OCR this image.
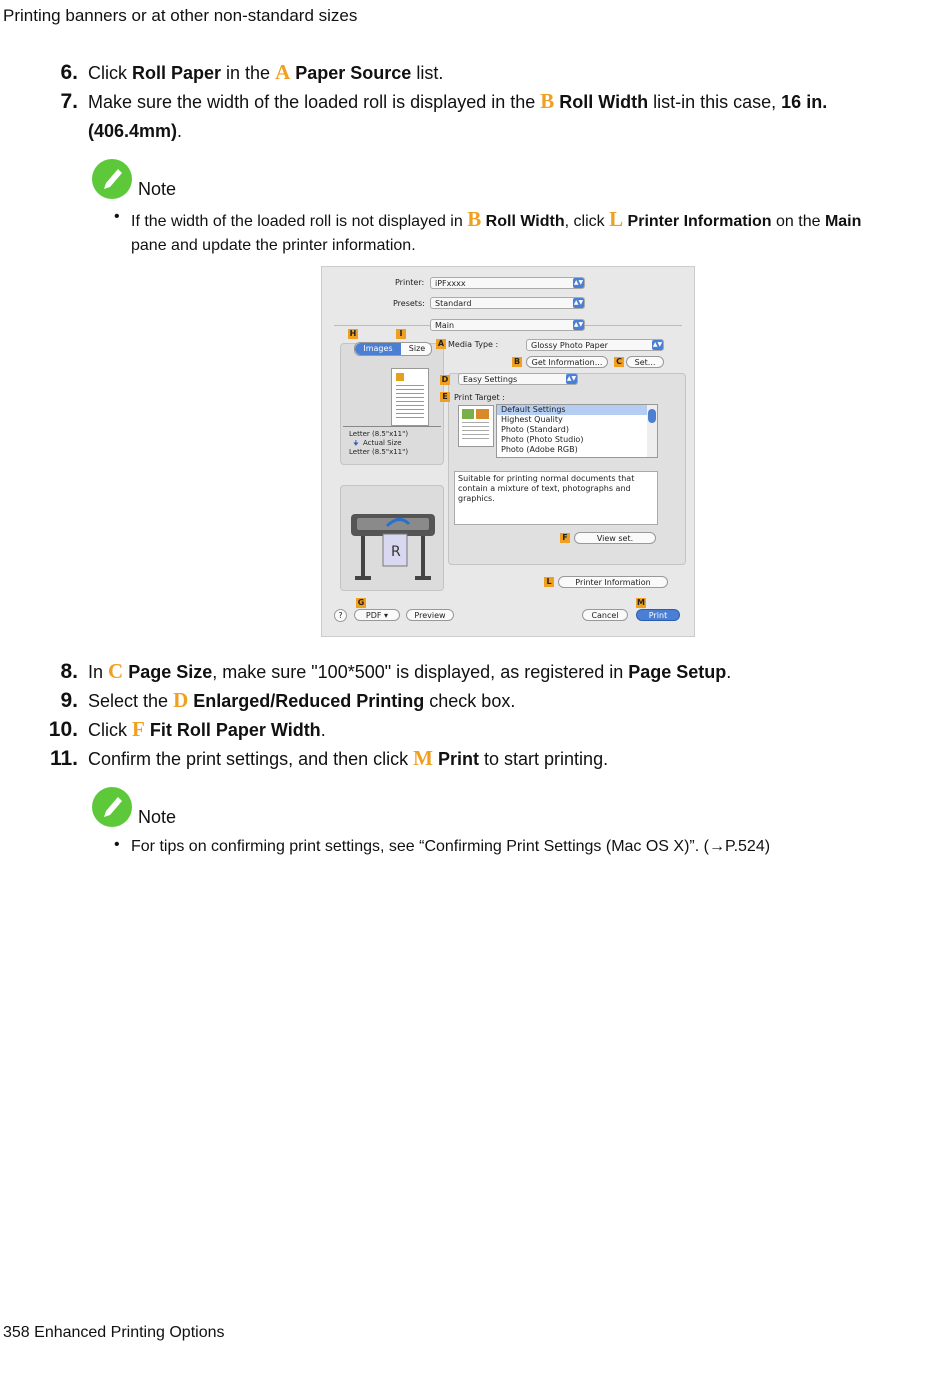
Printing banners or at other non-standard sizes
6. Click Roll Paper in the A Paper Source list.
7. Make sure the width of the loaded roll is displayed in the B Roll Width list-in this case, 16 in. (406.4mm).
Note
• If the width of the loaded roll is not displayed in B Roll Width, click L Printer Information on the Main pane and update the printer information.
Printer:	iPFxxxx	▲▼
Presets:	Standard	▲▼
Main	▲▼
H	I
Letter (8.5"x11")
🠋 Actual Size
Letter (8.5"x11")
Images	Size
R
A Media Type :	Glossy Photo Paper	▲▼
B	Get Information...	C	Set...
D	Easy Settings	▲▼
E Print Target :
Default Settings
Highest Quality
Photo (Standard)
Photo (Photo Studio)
Photo (Adobe RGB)
Suitable for printing normal documents that contain a mixture of text, photographs and graphics.
F	View set.
L	Printer Information
G	M
?	PDF ▾	Preview	Cancel	Print
8. In C Page Size, make sure "100*500" is displayed, as registered in Page Setup.
9. Select the D Enlarged/Reduced Printing check box.
10. Click F Fit Roll Paper Width.
11. Confirm the print settings, and then click M Print to start printing.
Note
• For tips on confirming print settings, see “Confirming Print Settings (Mac OS X)”. (→P.524)
358 Enhanced Printing Options
